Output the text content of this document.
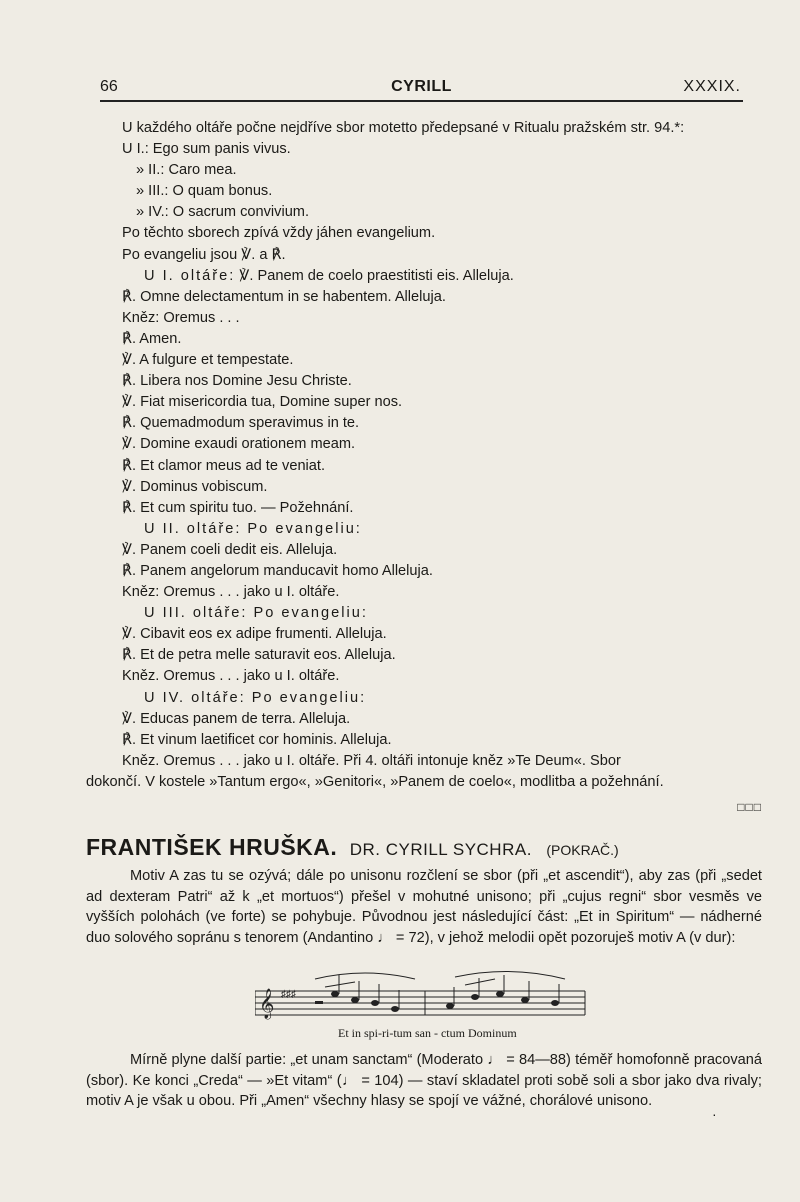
66	CYRILL	XXXIX.
U každého oltáře počne nejdříve sbor motetto předepsané v Ritualu pražském str. 94.*:
U I.: Ego sum panis vivus.
» II.: Caro mea.
» III.: O quam bonus.
» IV.: O sacrum convivium.
Po těchto sborech zpívá vždy jáhen evangelium.
Po evangeliu jsou ℣. a ℟.
U I. oltáře: ℣. Panem de coelo praestitisti eis. Alleluja.
℟. Omne delectamentum in se habentem. Alleluja.
Kněz: Oremus . . .
℟. Amen.
℣. A fulgure et tempestate.
℟. Libera nos Domine Jesu Christe.
℣. Fiat misericordia tua, Domine super nos.
℟. Quemadmodum speravimus in te.
℣. Domine exaudi orationem meam.
℟. Et clamor meus ad te veniat.
℣. Dominus vobiscum.
℟. Et cum spiritu tuo. — Požehnání.
U II. oltáře: Po evangeliu:
℣. Panem coeli dedit eis. Alleluja.
℟. Panem angelorum manducavit homo Alleluja.
Kněz: Oremus . . . jako u I. oltáře.
U III. oltáře: Po evangeliu:
℣. Cibavit eos ex adipe frumenti. Alleluja.
℟. Et de petra melle saturavit eos. Alleluja.
Kněz. Oremus . . . jako u I. oltáře.
U IV. oltáře: Po evangeliu:
℣. Educas panem de terra. Alleluja.
℟. Et vinum laetificet cor hominis. Alleluja.
Kněz. Oremus . . . jako u I. oltáře. Při 4. oltáři intonuje kněz »Te Deum«. Sbor
dokončí. V kostele »Tantum ergo«, »Genitori«, »Panem de coelo«, modlitba a požehnání.
□□□
FRANTIŠEK HRUŠKA. DR. CYRILL SYCHRA. (POKRAČ.)
Motiv A zas tu se ozývá; dále po unisonu rozčlení se sbor (při „et ascendit“), aby zas (při „sedet ad dexteram Patri“ až k „et mortuos“) přešel v mohutné unisono; při „cujus regni“ sbor vesměs ve vyšších polohách (ve forte) se pohybuje. Původnou jest následující část: „Et in Spiritum“ — nádherné duo solového sopránu s tenorem (Andantino ♩ = 72), v jehož melodii opět pozoruješ motiv A (v dur):
𝄞 ♯♯♯
Et in spi-ri-tum san - ctum Dominum
Mírně plyne další partie: „et unam sanctam“ (Moderato ♩ = 84—88) téměř homofonně pracovaná (sbor). Ke konci „Creda“ — »Et vitam“ (♩ = 104) — staví skladatel proti sobě soli a sbor jako dva rivaly; motiv A je však u obou. Při „Amen“ všechny hlasy se spojí ve vážné, chorálové unisono.
·
